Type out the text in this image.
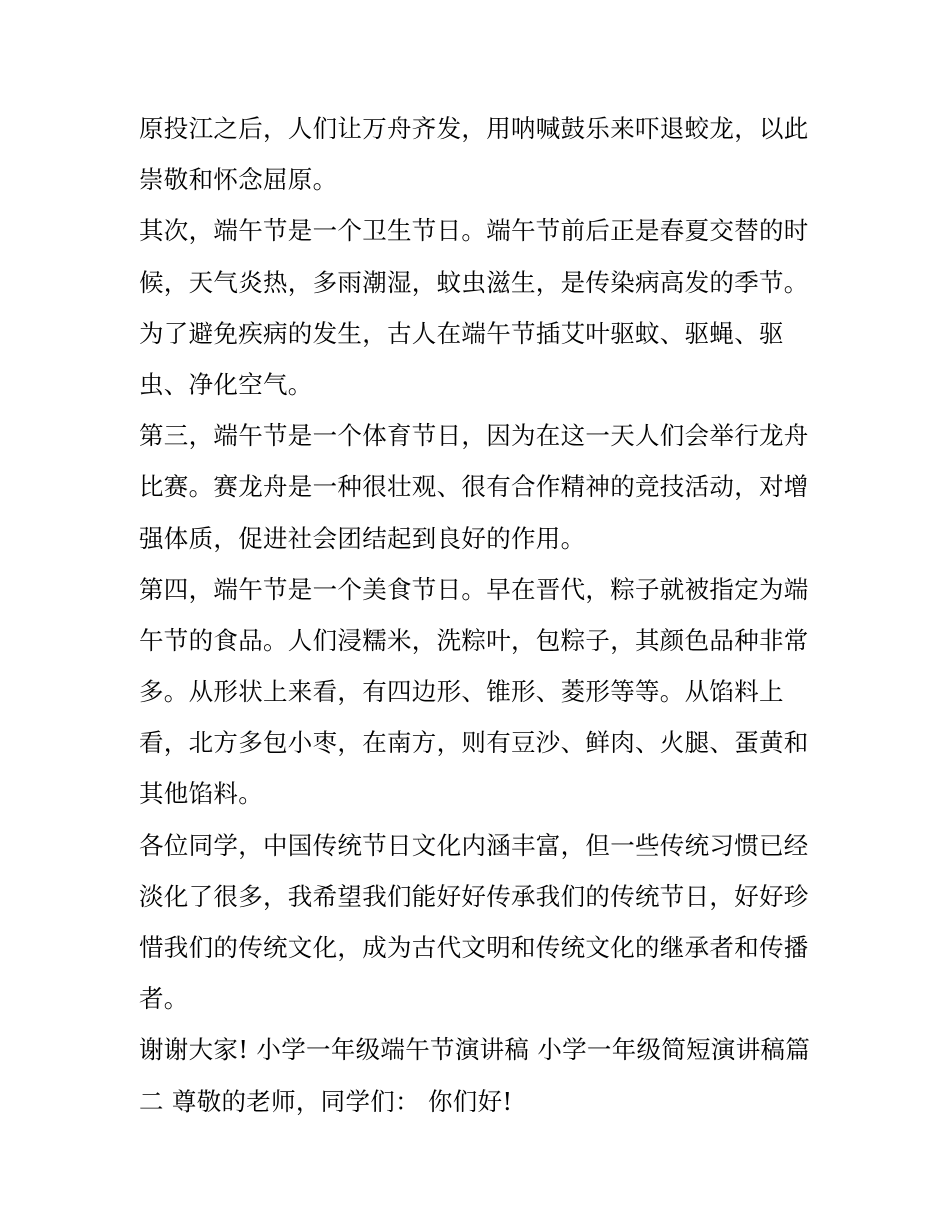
原投江之后，人们让万舟齐发，用呐喊鼓乐来吓退蛟龙，以此
崇敬和怀念屈原。
其次，端午节是一个卫生节日。端午节前后正是春夏交替的时
候，天气炎热，多雨潮湿，蚊虫滋生，是传染病高发的季节。
为了避免疾病的发生，古人在端午节插艾叶驱蚊、驱蝇、驱
虫、净化空气。
第三，端午节是一个体育节日，因为在这一天人们会举行龙舟
比赛。赛龙舟是一种很壮观、很有合作精神的竞技活动，对增
强体质，促进社会团结起到良好的作用。
第四，端午节是一个美食节日。早在晋代，粽子就被指定为端
午节的食品。人们浸糯米，洗粽叶，包粽子，其颜色品种非常
多。从形状上来看，有四边形、锥形、菱形等等。从馅料上
看，北方多包小枣，在南方，则有豆沙、鲜肉、火腿、蛋黄和
其他馅料。
各位同学，中国传统节日文化内涵丰富，但一些传统习惯已经
淡化了很多，我希望我们能好好传承我们的传统节日，好好珍
惜我们的传统文化，成为古代文明和传统文化的继承者和传播
者。
谢谢大家! 小学一年级端午节演讲稿 小学一年级简短演讲稿篇
二 尊敬的老师，同学们： 你们好!
